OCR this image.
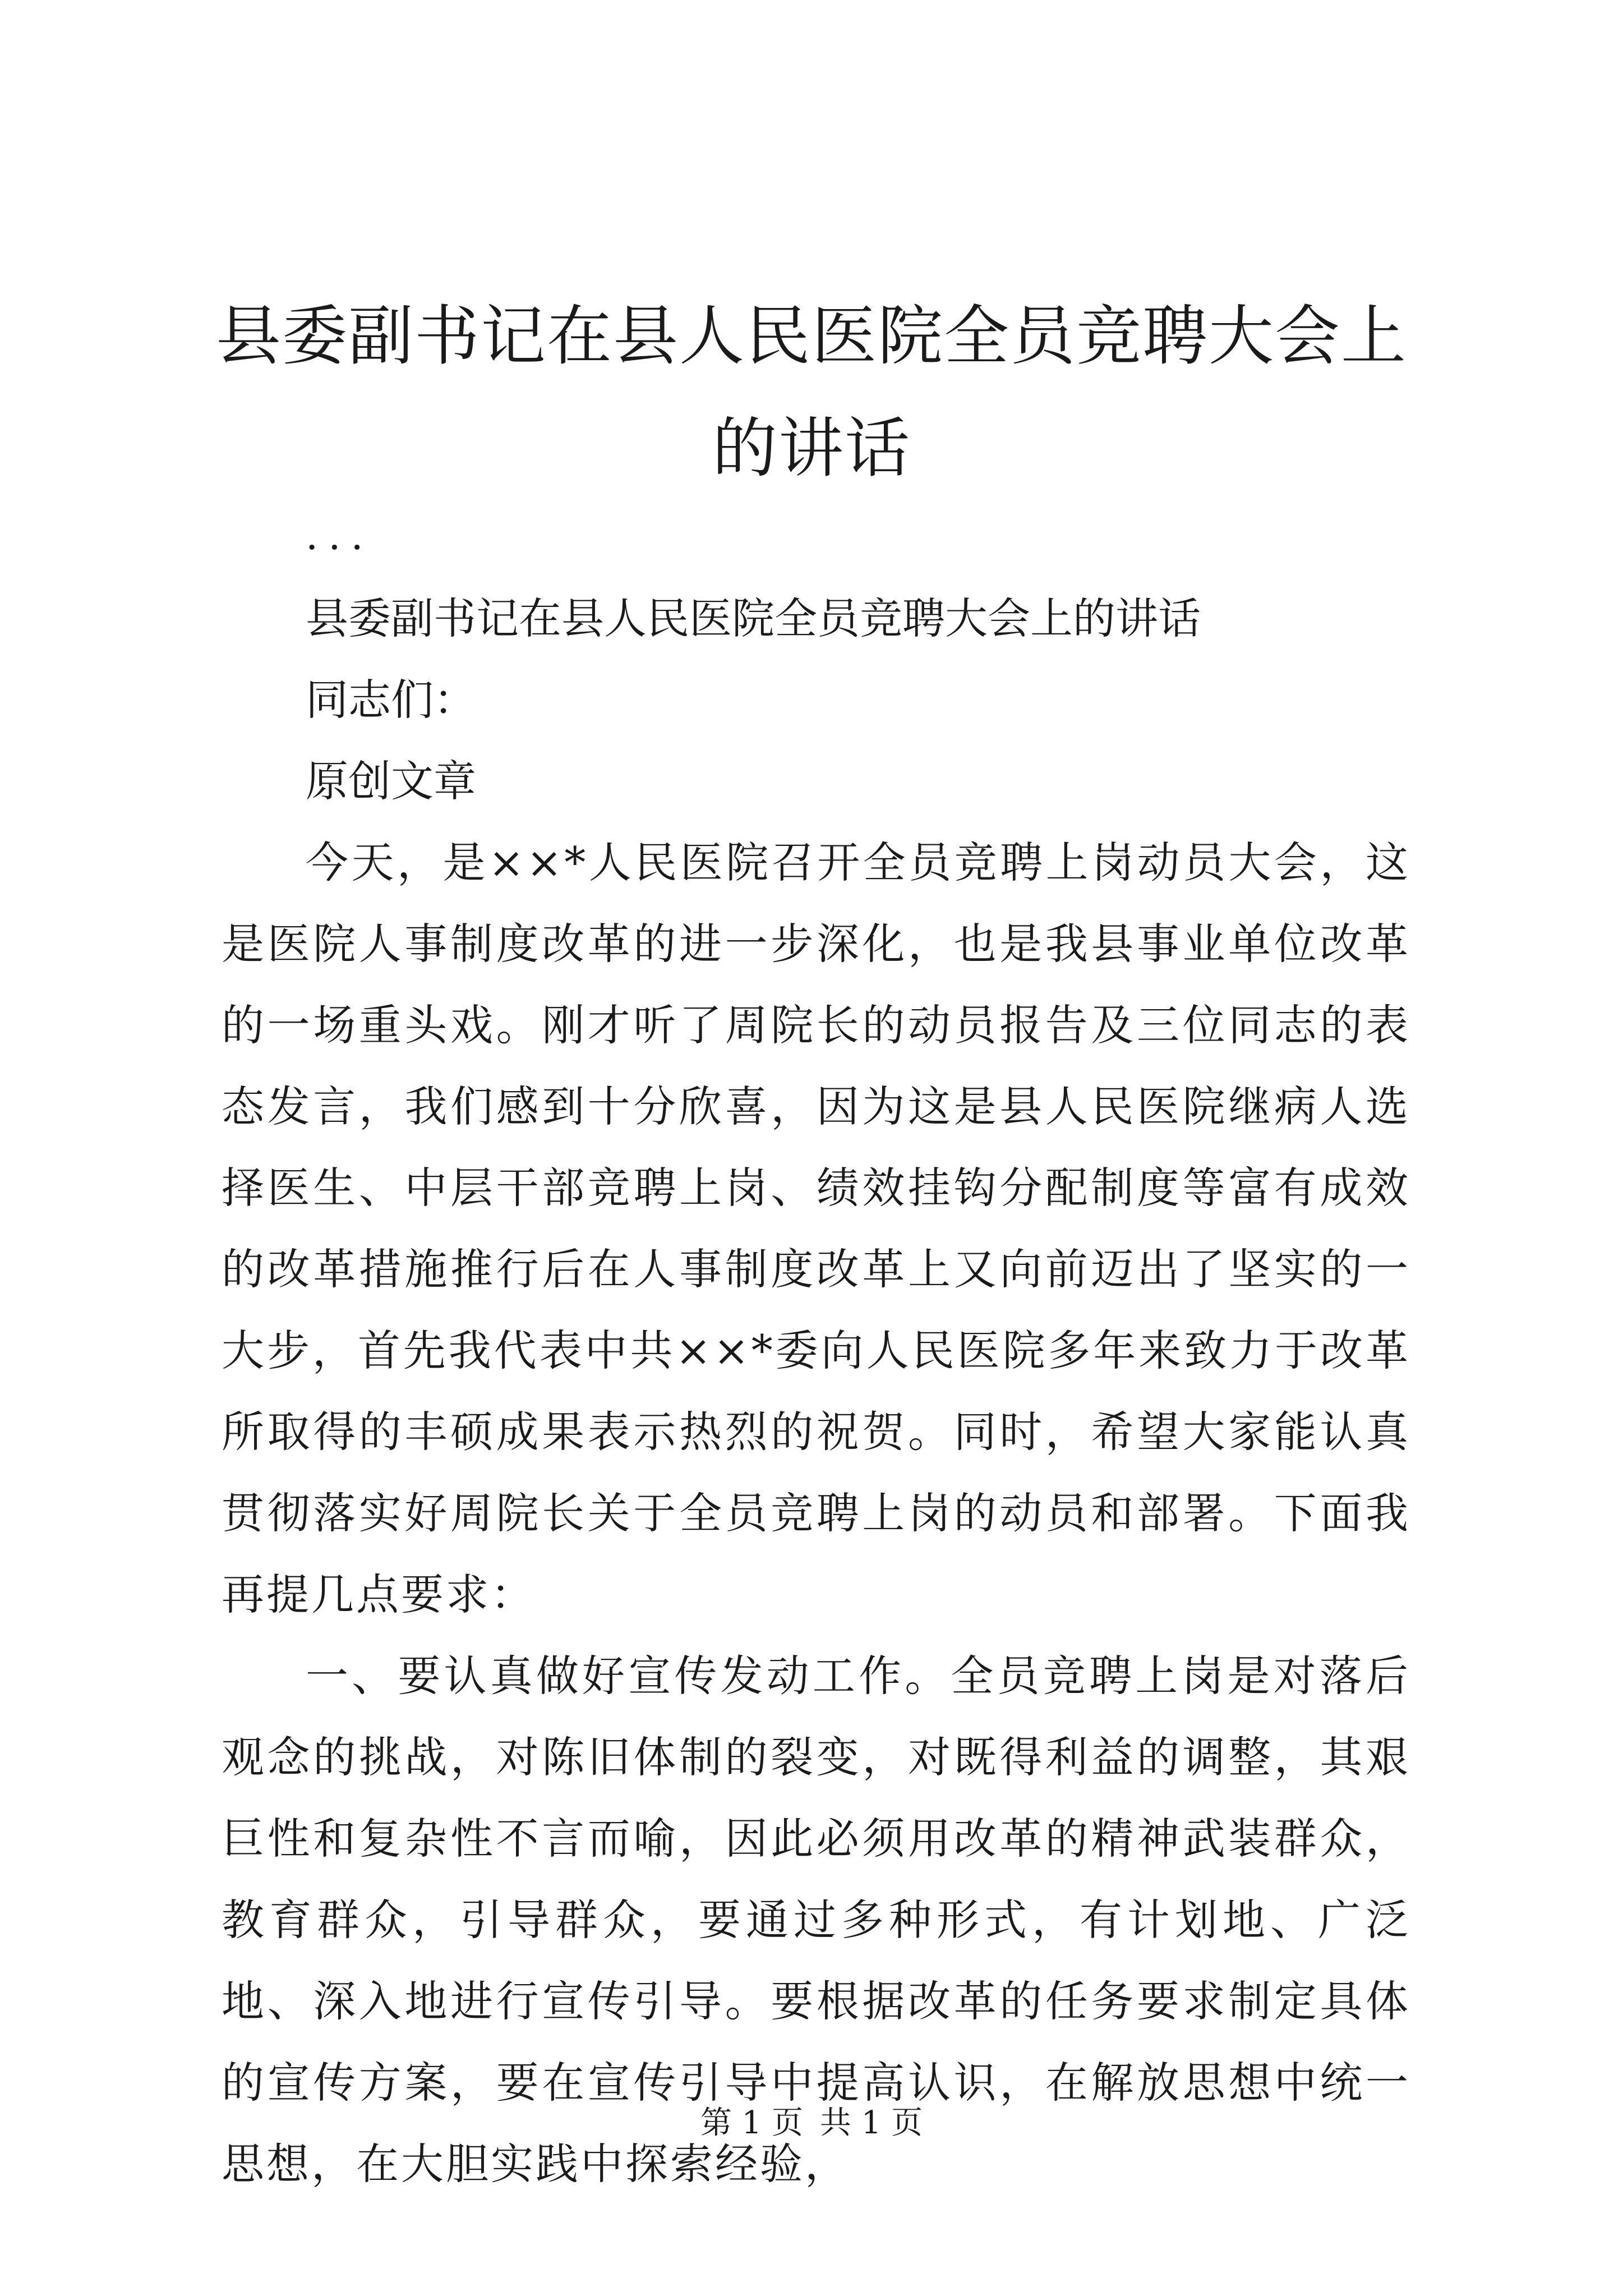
县委副书记在县人民医院全员竞聘大会上的讲话
...
县委副书记在县人民医院全员竞聘大会上的讲话
同志们：
原创文章

今天，是××*人民医院召开全员竞聘上岗动员大会，这是医院人事制度改革的进一步深化，也是我县事业单位改革的一场重头戏。刚才听了周院长的动员报告及三位同志的表态发言，我们感到十分欣喜，因为这是县人民医院继病人选择医生、中层干部竞聘上岗、绩效挂钩分配制度等富有成效的改革措施推行后在人事制度改革上又向前迈出了坚实的一大步，首先我代表中共××*委向人民医院多年来致力于改革所取得的丰硕成果表示热烈的祝贺。同时，希望大家能认真贯彻落实好周院长关于全员竞聘上岗的动员和部署。下面我再提几点要求：

一、要认真做好宣传发动工作。全员竞聘上岗是对落后观念的挑战，对陈旧体制的裂变，对既得利益的调整，其艰巨性和复杂性不言而喻，因此必须用改革的精神武装群众，教育群众，引导群众，要通过多种形式，有计划地、广泛地、深入地进行宣传引导。要根据改革的任务要求制定具体的宣传方案，要在宣传引导中提高认识，在解放思想中统一思想，在大胆实践中探索经验，

第 1 页 共 1 页
